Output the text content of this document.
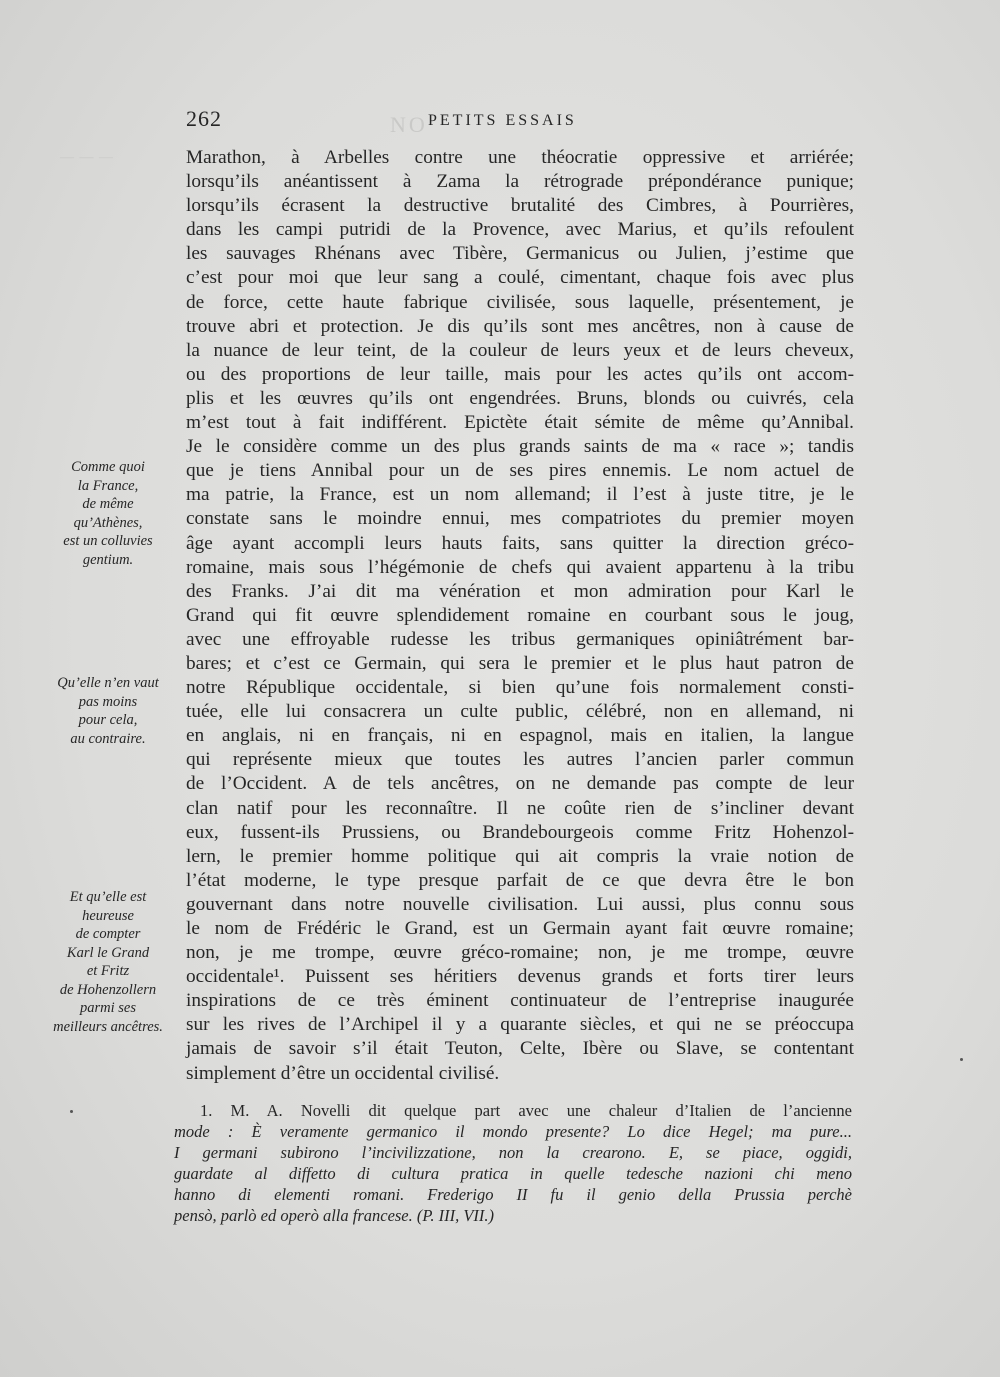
NO
— — —
262	PETITS ESSAIS
Marathon, à Arbelles contre une théocratie oppressive et arriérée;
lorsqu’ils anéantissent à Zama la rétrograde prépondérance punique;
lorsqu’ils écrasent la destructive brutalité des Cimbres, à Pourrières,
dans les campi putridi de la Provence, avec Marius, et qu’ils refoulent
les sauvages Rhénans avec Tibère, Germanicus ou Julien, j’estime que
c’est pour moi que leur sang a coulé, cimentant, chaque fois avec plus
de force, cette haute fabrique civilisée, sous laquelle, présentement, je
trouve abri et protection. Je dis qu’ils sont mes ancêtres, non à cause de
la nuance de leur teint, de la couleur de leurs yeux et de leurs cheveux,
ou des proportions de leur taille, mais pour les actes qu’ils ont accom-
plis et les œuvres qu’ils ont engendrées. Bruns, blonds ou cuivrés, cela
m’est tout à fait indifférent. Epictète était sémite de même qu’Annibal.
Je le considère comme un des plus grands saints de ma « race »; tandis
que je tiens Annibal pour un de ses pires ennemis. Le nom actuel de
ma patrie, la France, est un nom allemand; il l’est à juste titre, je le
constate sans le moindre ennui, mes compatriotes du premier moyen
âge ayant accompli leurs hauts faits, sans quitter la direction gréco-
romaine, mais sous l’hégémonie de chefs qui avaient appartenu à la tribu
des Franks. J’ai dit ma vénération et mon admiration pour Karl le
Grand qui fit œuvre splendidement romaine en courbant sous le joug,
avec une effroyable rudesse les tribus germaniques opiniâtrément bar-
bares; et c’est ce Germain, qui sera le premier et le plus haut patron de
notre République occidentale, si bien qu’une fois normalement consti-
tuée, elle lui consacrera un culte public, célébré, non en allemand, ni
en anglais, ni en français, ni en espagnol, mais en italien, la langue
qui représente mieux que toutes les autres l’ancien parler commun
de l’Occident. A de tels ancêtres, on ne demande pas compte de leur
clan natif pour les reconnaître. Il ne coûte rien de s’incliner devant
eux, fussent-ils Prussiens, ou Brandebourgeois comme Fritz Hohenzol-
lern, le premier homme politique qui ait compris la vraie notion de
l’état moderne, le type presque parfait de ce que devra être le bon
gouvernant dans notre nouvelle civilisation. Lui aussi, plus connu sous
le nom de Frédéric le Grand, est un Germain ayant fait œuvre romaine;
non, je me trompe, œuvre gréco-romaine; non, je me trompe, œuvre
occidentale¹. Puissent ses héritiers devenus grands et forts tirer leurs
inspirations de ce très éminent continuateur de l’entreprise inaugurée
sur les rives de l’Archipel il y a quarante siècles, et qui ne se préoccupa
jamais de savoir s’il était Teuton, Celte, Ibère ou Slave, se contentant
simplement d’être un occidental civilisé.
Comme quoi
la France,
de même
qu’Athènes,
est un colluvies
gentium.
Qu’elle n’en vaut
pas moins
pour cela,
au contraire.
Et qu’elle est
heureuse
de compter
Karl le Grand
et Fritz
de Hohenzollern
parmi ses
meilleurs ancêtres.
1. M. A. Novelli dit quelque part avec une chaleur d’Italien de l’ancienne
mode : È veramente germanico il mondo presente? Lo dice Hegel; ma pure...
I germani subirono l’incivilizzatione, non la crearono. E, se piace, oggidi,
guardate al diffetto di cultura pratica in quelle tedesche nazioni chi meno
hanno di elementi romani. Frederigo II fu il genio della Prussia perchè
pensò, parlò ed operò alla francese. (P. III, VII.)
